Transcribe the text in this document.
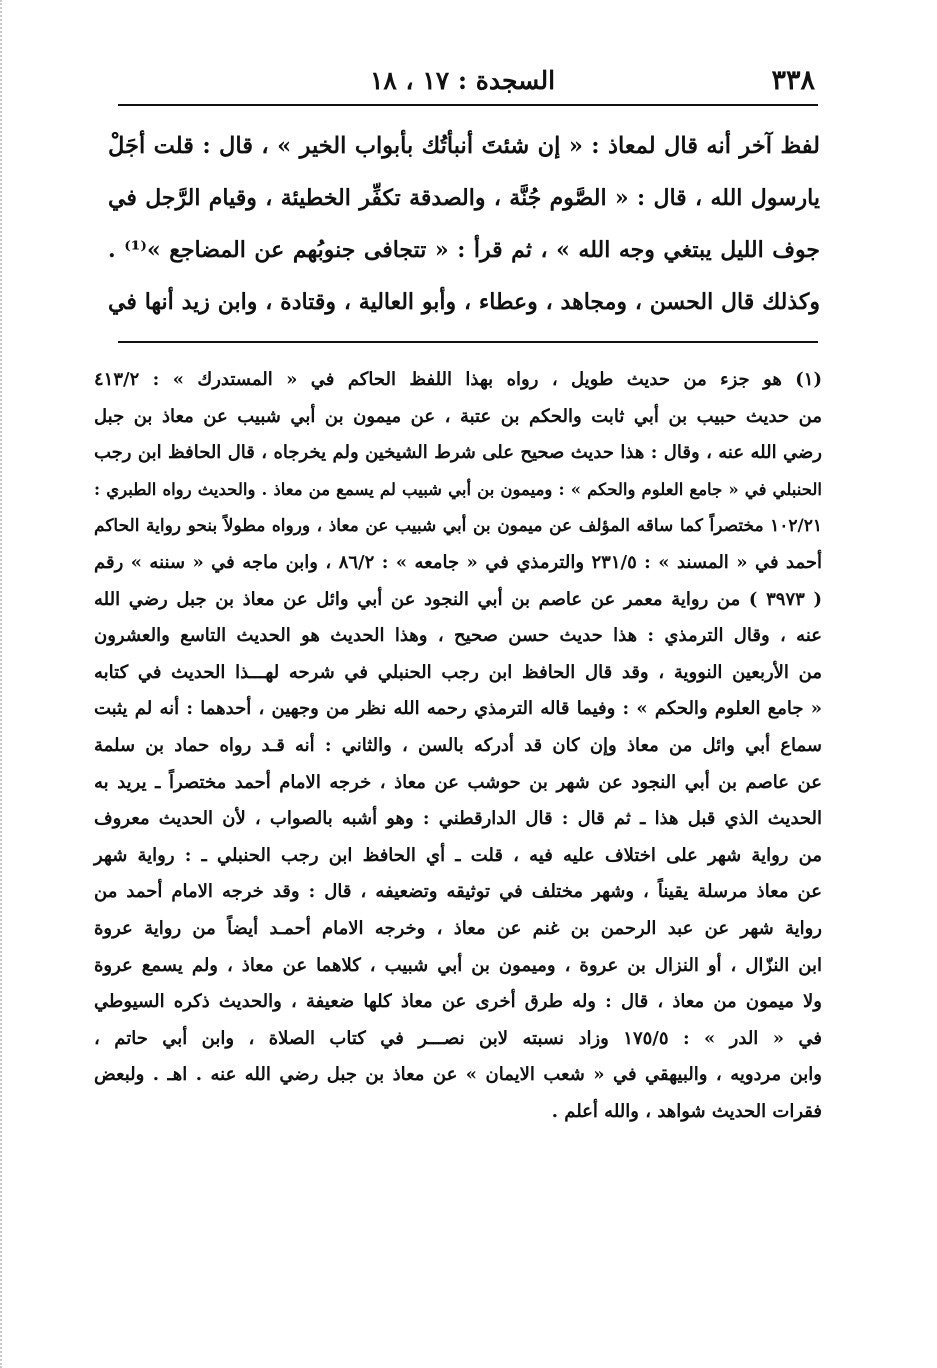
٣٣٨
السجدة : ١٧ ، ١٨

لفظ آخر أنه قال لمعاذ : « إن شئتَ أنبأتُك بأبواب الخير » ، قال : قلت أجَلْ

يارسول الله ، قال : « الصَّوم جُنَّة ، والصدقة تكفِّر الخطيئة ، وقيام الرَّجل في

جوف الليل يبتغي وجه الله » ، ثم قرأ : « تتجافى جنوبُهم عن المضاجع »⁽¹⁾ .

وكذلك قال الحسن ، ومجاهد ، وعطاء ، وأبو العالية ، وقتادة ، وابن زيد أنها في

(١) هو جزء من حديث طويل ، رواه بهذا اللفظ الحاكم في « المستدرك » : ٤١٣/٢

من حديث حبيب بن أبي ثابت والحكم بن عتبة ، عن ميمون بن أبي شبيب عن معاذ بن جبل

رضي الله عنه ، وقال : هذا حديث صحيح على شرط الشيخين ولم يخرجاه ، قال الحافظ ابن رجب

الحنبلي في « جامع العلوم والحكم » : وميمون بن أبي شبيب لم يسمع من معاذ . والحديث رواه الطبري :

١٠٢/٢١ مختصراً كما ساقه المؤلف عن ميمون بن أبي شبيب عن معاذ ، ورواه مطولاً بنحو رواية الحاكم

أحمد في « المسند » : ٢٣١/٥ والترمذي في « جامعه » : ٨٦/٢ ، وابن ماجه في « سننه » رقم

( ٣٩٧٣ ) من رواية معمر عن عاصم بن أبي النجود عن أبي وائل عن معاذ بن جبل رضي الله

عنه ، وقال الترمذي : هذا حديث حسن صحيح ، وهذا الحديث هو الحديث التاسع والعشرون

من الأربعين النووية ، وقد قال الحافظ ابن رجب الحنبلي في شرحه لهـــذا الحديث في كتابه

« جامع العلوم والحكم » : وفيما قاله الترمذي رحمه الله نظر من وجهين ، أحدهما : أنه لم يثبت

سماع أبي وائل من معاذ وإن كان قد أدركه بالسن ، والثاني : أنه قـد رواه حماد بن سلمة

عن عاصم بن أبي النجود عن شهر بن حوشب عن معاذ ، خرجه الامام أحمد مختصراً ـ يريد به

الحديث الذي قبل هذا ـ ثم قال : قال الدارقطني : وهو أشبه بالصواب ، لأن الحديث معروف

من رواية شهر على اختلاف عليه فيه ، قلت ـ أي الحافظ ابن رجب الحنبلي ـ : رواية شهر

عن معاذ مرسلة يقيناً ، وشهر مختلف في توثيقه وتضعيفه ، قال : وقد خرجه الامام أحمد من

رواية شهر عن عبد الرحمن بن غنم عن معاذ ، وخرجه الامام أحمـد أيضاً من رواية عروة

ابن النزّال ، أو النزال بن عروة ، وميمون بن أبي شبيب ، كلاهما عن معاذ ، ولم يسمع عروة

ولا ميمون من معاذ ، قال : وله طرق أخرى عن معاذ كلها ضعيفة ، والحديث ذكره السيوطي

في « الدر » : ١٧٥/٥ وزاد نسبته لابن نصـــر في كتاب الصلاة ، وابن أبي حاتم ،

وابن مردويه ، والبيهقي في « شعب الايمان » عن معاذ بن جبل رضي الله عنه . اهـ . ولبعض

فقرات الحديث شواهد ، والله أعلم .
